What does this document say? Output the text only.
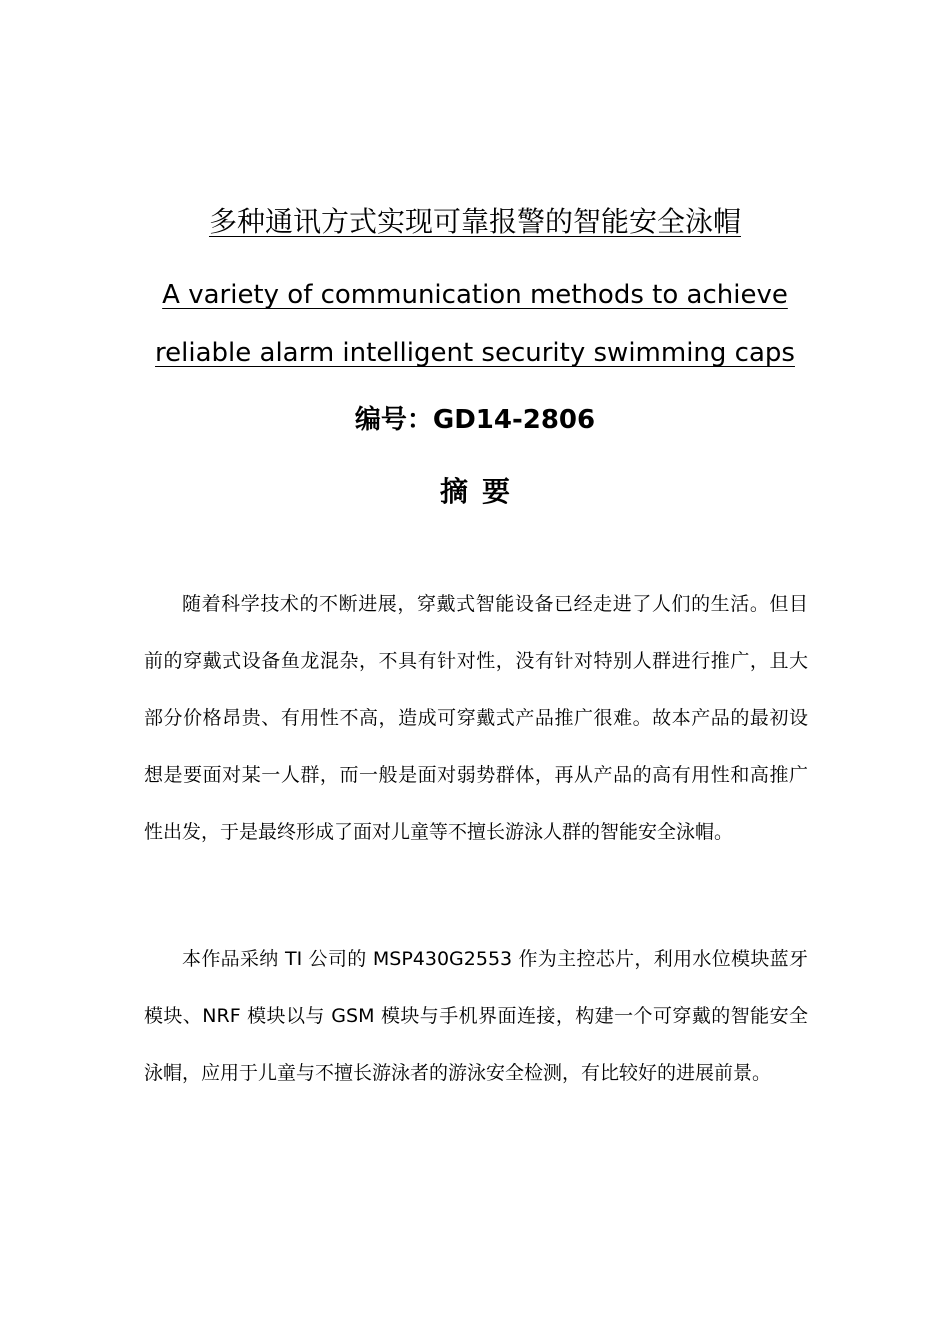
多种通讯方式实现可靠报警的智能安全泳帽
A variety of communication methods to achieve
reliable alarm intelligent security swimming caps
编号：GD14-2806
摘要

随着科学技术的不断进展，穿戴式智能设备已经走进了人们的生活。但目前的穿戴式设备鱼龙混杂，不具有针对性，没有针对特别人群进行推广，且大部分价格昂贵、有用性不高，造成可穿戴式产品推广很难。故本产品的最初设想是要面对某一人群，而一般是面对弱势群体，再从产品的高有用性和高推广性出发，于是最终形成了面对儿童等不擅长游泳人群的智能安全泳帽。

本作品采纳 TI 公司的 MSP430G2553 作为主控芯片，利用水位模块蓝牙模块、NRF 模块以与 GSM 模块与手机界面连接，构建一个可穿戴的智能安全泳帽，应用于儿童与不擅长游泳者的游泳安全检测，有比较好的进展前景。
